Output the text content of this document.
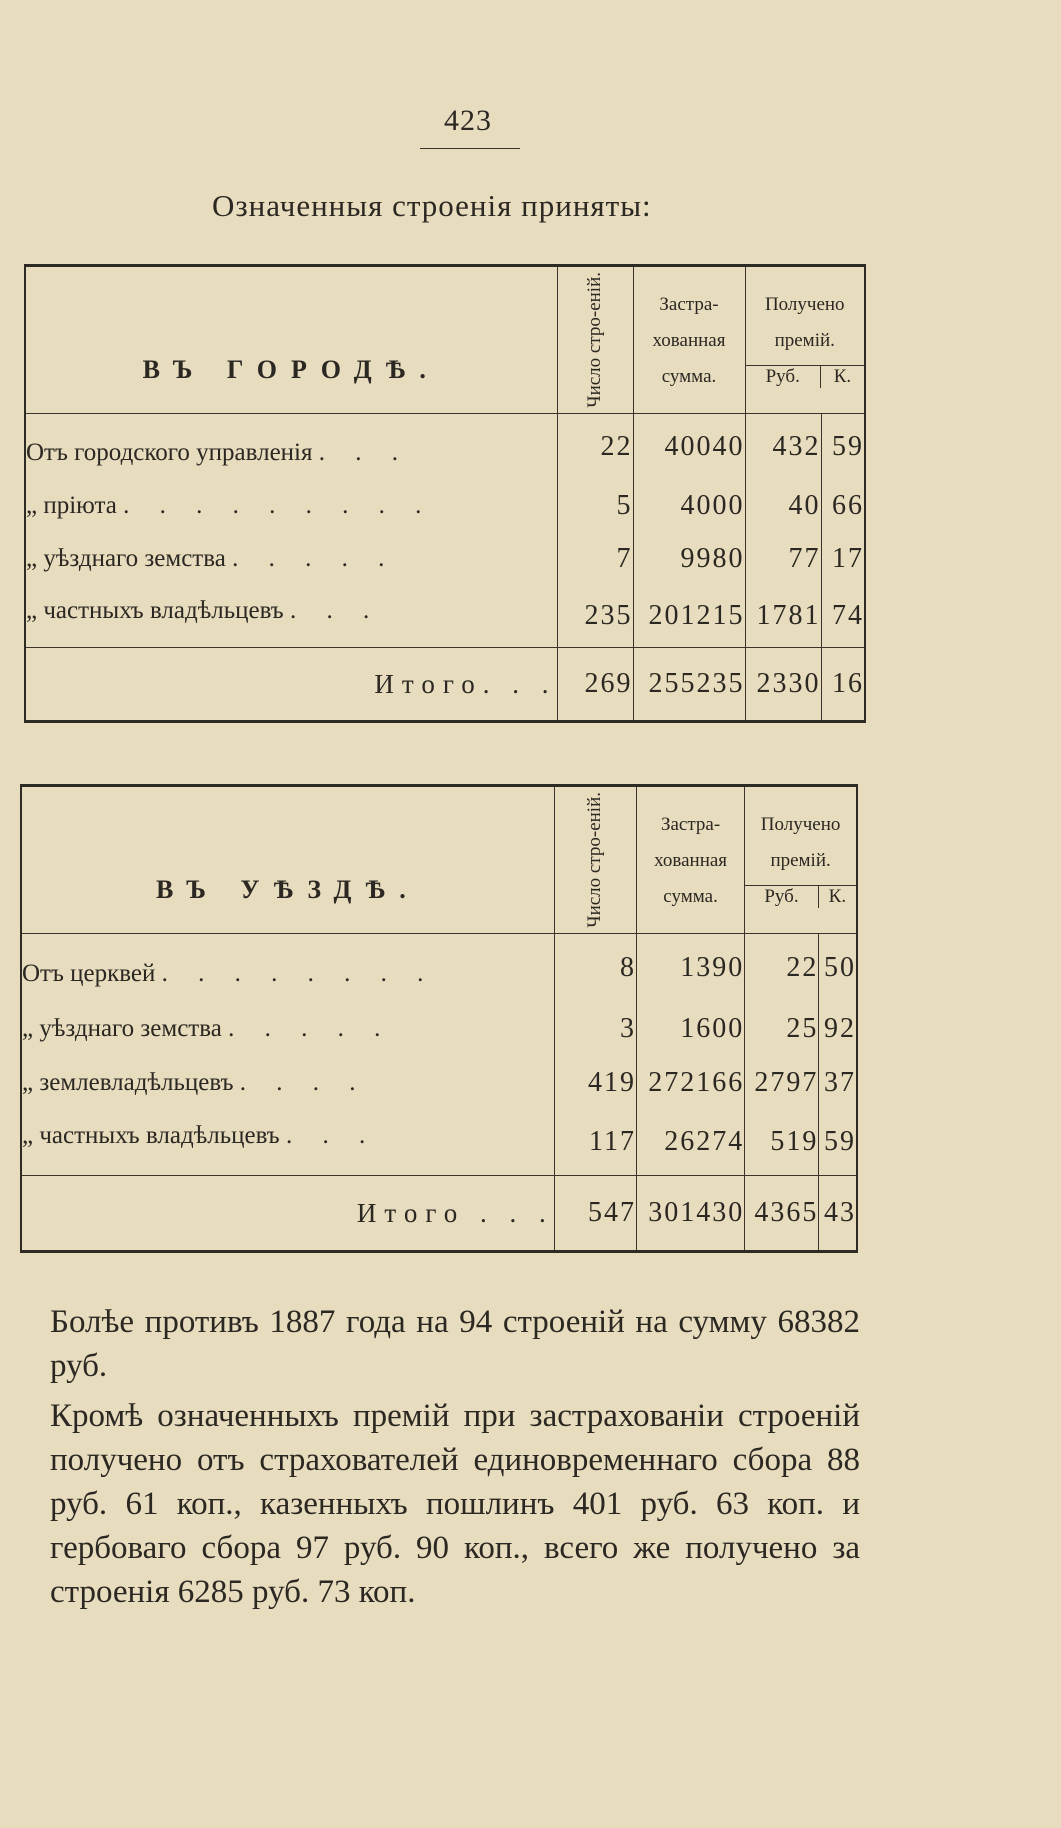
423
Означенныя строенія приняты:
ВЪ ГОРОДѢ.	Число стро-еній.	Застра-хованная сумма.	Получено премій.
Руб. К.	

Отъ городского управленія . . .	22	40040	432	59
„ пріюта . . . . . . . . .	5	4000	40	66
„ уѣзднаго земства . . . . .	7	9980	77	17
„ частныхъ владѣльцевъ . . .	235	201215	1781	74
Итого. . .	269	255235	2330	16
ВЪ УѢЗДѢ.	Число стро-еній.	Застра-хованная сумма.	Получено премій.
Руб. К.	

Отъ церквей . . . . . . . .	8	1390	22	50
„ уѣзднаго земства . . . . .	3	1600	25	92
„ землевладѣльцевъ . . . .	419	272166	2797	37
„ частныхъ владѣльцевъ . . .	117	26274	519	59
Итого . . .	547	301430	4365	43
Болѣе противъ 1887 года на 94 строеній на сумму 68382 руб.
Кромѣ означенныхъ премій при застрахованіи строеній получено отъ страхователей единовременнаго сбора 88 руб. 61 коп., казенныхъ пошлинъ 401 руб. 63 коп. и гербоваго сбора 97 руб. 90 коп., всего же получено за строенія 6285 руб. 73 коп.
